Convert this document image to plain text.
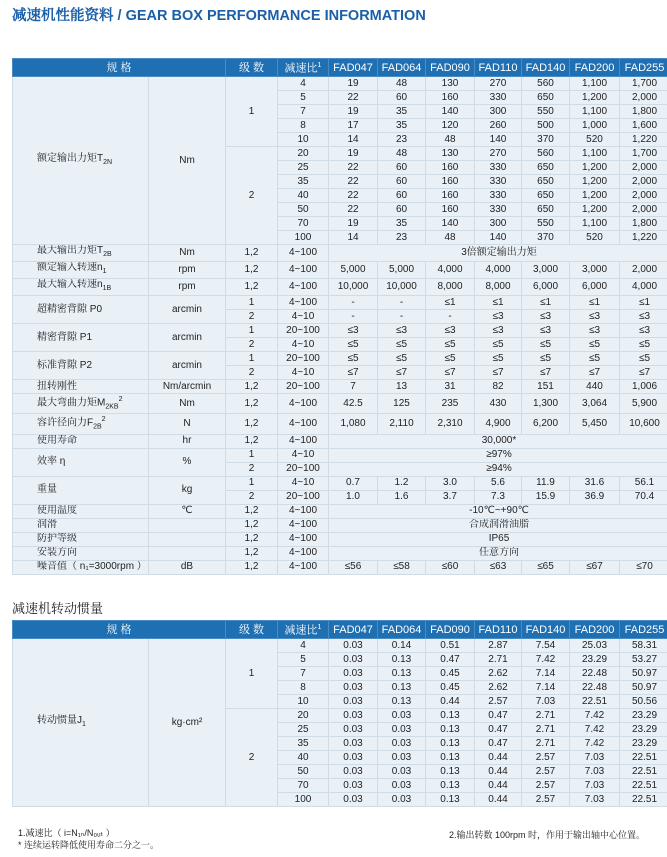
减速机性能资料 / GEAR BOX PERFORMANCE INFORMATION
规 格		级 数	减速比$^1$	FAD047	FAD064	FAD090	FAD110	FAD140	FAD200	FAD255
额定输出力矩$T_{2N}$	Nm	1	4	19	48	130	270	560	1,100	1,700
			5	22	60	160	330	650	1,200	2,000
			7	19	35	140	300	550	1,100	1,800
			8	17	35	120	260	500	1,000	1,600
			10	14	23	48	140	370	520	1,220
		2	20	19	48	130	270	560	1,100	1,700
			25	22	60	160	330	650	1,200	2,000
			35	22	60	160	330	650	1,200	2,000
			40	22	60	160	330	650	1,200	2,000
			50	22	60	160	330	650	1,200	2,000
			70	19	35	140	300	550	1,100	1,800
			100	14	23	48	140	370	520	1,220
最大输出力矩$T_{2B}$	Nm	1,2	4~100	3倍额定输出力矩						
额定输入转速$n_1$	rpm	1,2	4~100	5,000	5,000	4,000	4,000	3,000	3,000	2,000
最大输入转速$n_{1B}$	rpm	1,2	4~100	10,000	10,000	8,000	8,000	6,000	6,000	4,000
超精密背隙 P0	arcmin	1	4~100	-	-	≤1	≤1	≤1	≤1	≤1
		2	4~10	-	-	-	≤3	≤3	≤3	≤3
精密背隙 P1	arcmin	1	20~100	≤3	≤3	≤3	≤3	≤3	≤3	≤3
		2	4~10	≤5	≤5	≤5	≤5	≤5	≤5	≤5
标准背隙 P2	arcmin	1	20~100	≤5	≤5	≤5	≤5	≤5	≤5	≤5
		2	4~10	≤7	≤7	≤7	≤7	≤7	≤7	≤7
扭转刚性	Nm/arcmin	1,2	20~100	7	13	31	82	151	440	1,006
最大弯曲力矩$M_{2KB}^2$	Nm	1,2	4~100	42.5	125	235	430	1,300	3,064	5,900
容许径向力$F_{2B}^2$	N	1,2	4~100	1,080	2,110	2,310	4,900	6,200	5,450	10,600
使用寿命	hr	1,2	4~100	30,000*						
效率 η	%	1	4~10	≥97%						
		2	20~100	≥94%						
重量	kg	1	4~10	0.7	1.2	3.0	5.6	11.9	31.6	56.1
		2	20~100	1.0	1.6	3.7	7.3	15.9	36.9	70.4
使用温度	℃	1,2	4~100	-10℃~+90℃						
润滑		1,2	4~100	合成润滑油脂						
防护等级		1,2	4~100	IP65						
安装方向		1,2	4~100	任意方向						
噪音值（ n₁=3000rpm ）	dB	1,2	4~100	≤56	≤58	≤60	≤63	≤65	≤67	≤70
减速机转动惯量
规 格		级 数	减速比$^1$	FAD047	FAD064	FAD090	FAD110	FAD140	FAD200	FAD255
转动惯量$J_1$	kg·cm²	1	4	0.03	0.14	0.51	2.87	7.54	25.03	58.31
			5	0.03	0.13	0.47	2.71	7.42	23.29	53.27
			7	0.03	0.13	0.45	2.62	7.14	22.48	50.97
			8	0.03	0.13	0.45	2.62	7.14	22.48	50.97
			10	0.03	0.13	0.44	2.57	7.03	22.51	50.56
		2	20	0.03	0.03	0.13	0.47	2.71	7.42	23.29
			25	0.03	0.03	0.13	0.47	2.71	7.42	23.29
			35	0.03	0.03	0.13	0.47	2.71	7.42	23.29
			40	0.03	0.03	0.13	0.44	2.57	7.03	22.51
			50	0.03	0.03	0.13	0.44	2.57	7.03	22.51
			70	0.03	0.03	0.13	0.44	2.57	7.03	22.51
			100	0.03	0.03	0.13	0.44	2.57	7.03	22.51
1.减速比（ i=N₁ₙ/N₀ᵤₜ ）
* 连续运转降低使用寿命二分之一。
2.输出转数 100rpm 时，作用于输出轴中心位置。
